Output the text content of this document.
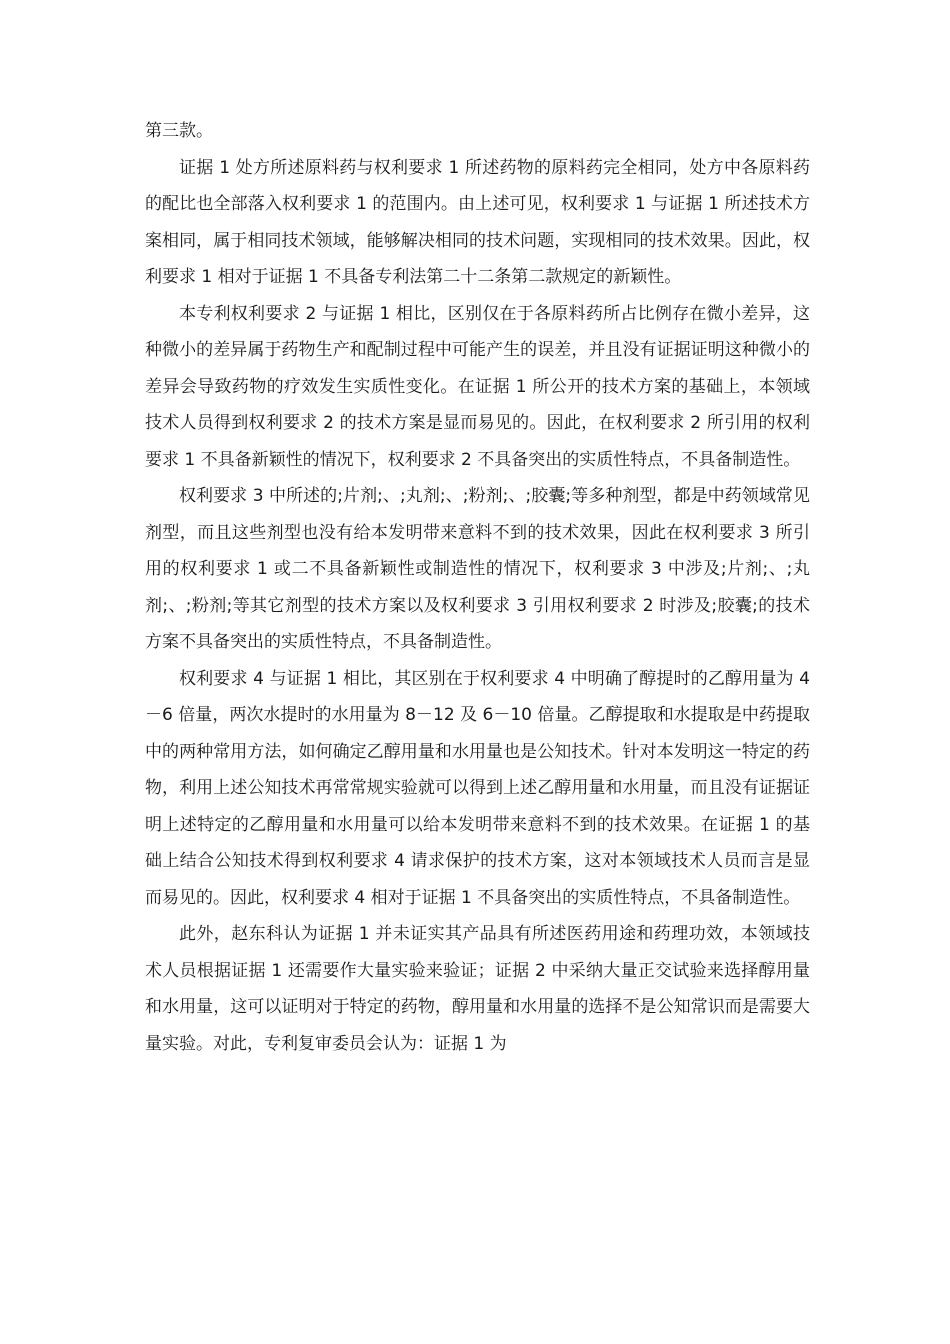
第三款。

证据 1 处方所述原料药与权利要求 1 所述药物的原料药完全相同，处方中各原料药的配比也全部落入权利要求 1 的范围内。由上述可见，权利要求 1 与证据 1 所述技术方案相同，属于相同技术领域，能够解决相同的技术问题，实现相同的技术效果。因此，权利要求 1 相对于证据 1 不具备专利法第二十二条第二款规定的新颖性。

本专利权利要求 2 与证据 1 相比，区别仅在于各原料药所占比例存在微小差异，这种微小的差异属于药物生产和配制过程中可能产生的误差，并且没有证据证明这种微小的差异会导致药物的疗效发生实质性变化。在证据 1 所公开的技术方案的基础上，本领域技术人员得到权利要求 2 的技术方案是显而易见的。因此，在权利要求 2 所引用的权利要求 1 不具备新颖性的情况下，权利要求 2 不具备突出的实质性特点，不具备制造性。

权利要求 3 中所述的;片剂;、;丸剂;、;粉剂;、;胶囊;等多种剂型，都是中药领域常见剂型，而且这些剂型也没有给本发明带来意料不到的技术效果，因此在权利要求 3 所引用的权利要求 1 或二不具备新颖性或制造性的情况下，权利要求 3 中涉及;片剂;、;丸剂;、;粉剂;等其它剂型的技术方案以及权利要求 3 引用权利要求 2 时涉及;胶囊;的技术方案不具备突出的实质性特点，不具备制造性。

权利要求 4 与证据 1 相比，其区别在于权利要求 4 中明确了醇提时的乙醇用量为 4－6 倍量，两次水提时的水用量为 8－12 及 6－10 倍量。乙醇提取和水提取是中药提取中的两种常用方法，如何确定乙醇用量和水用量也是公知技术。针对本发明这一特定的药物，利用上述公知技术再常常规实验就可以得到上述乙醇用量和水用量，而且没有证据证明上述特定的乙醇用量和水用量可以给本发明带来意料不到的技术效果。在证据 1 的基础上结合公知技术得到权利要求 4 请求保护的技术方案，这对本领域技术人员而言是显而易见的。因此，权利要求 4 相对于证据 1 不具备突出的实质性特点，不具备制造性。

此外，赵东科认为证据 1 并未证实其产品具有所述医药用途和药理功效，本领域技术人员根据证据 1 还需要作大量实验来验证；证据 2 中采纳大量正交试验来选择醇用量和水用量，这可以证明对于特定的药物，醇用量和水用量的选择不是公知常识而是需要大量实验。对此，专利复审委员会认为：证据 1 为
